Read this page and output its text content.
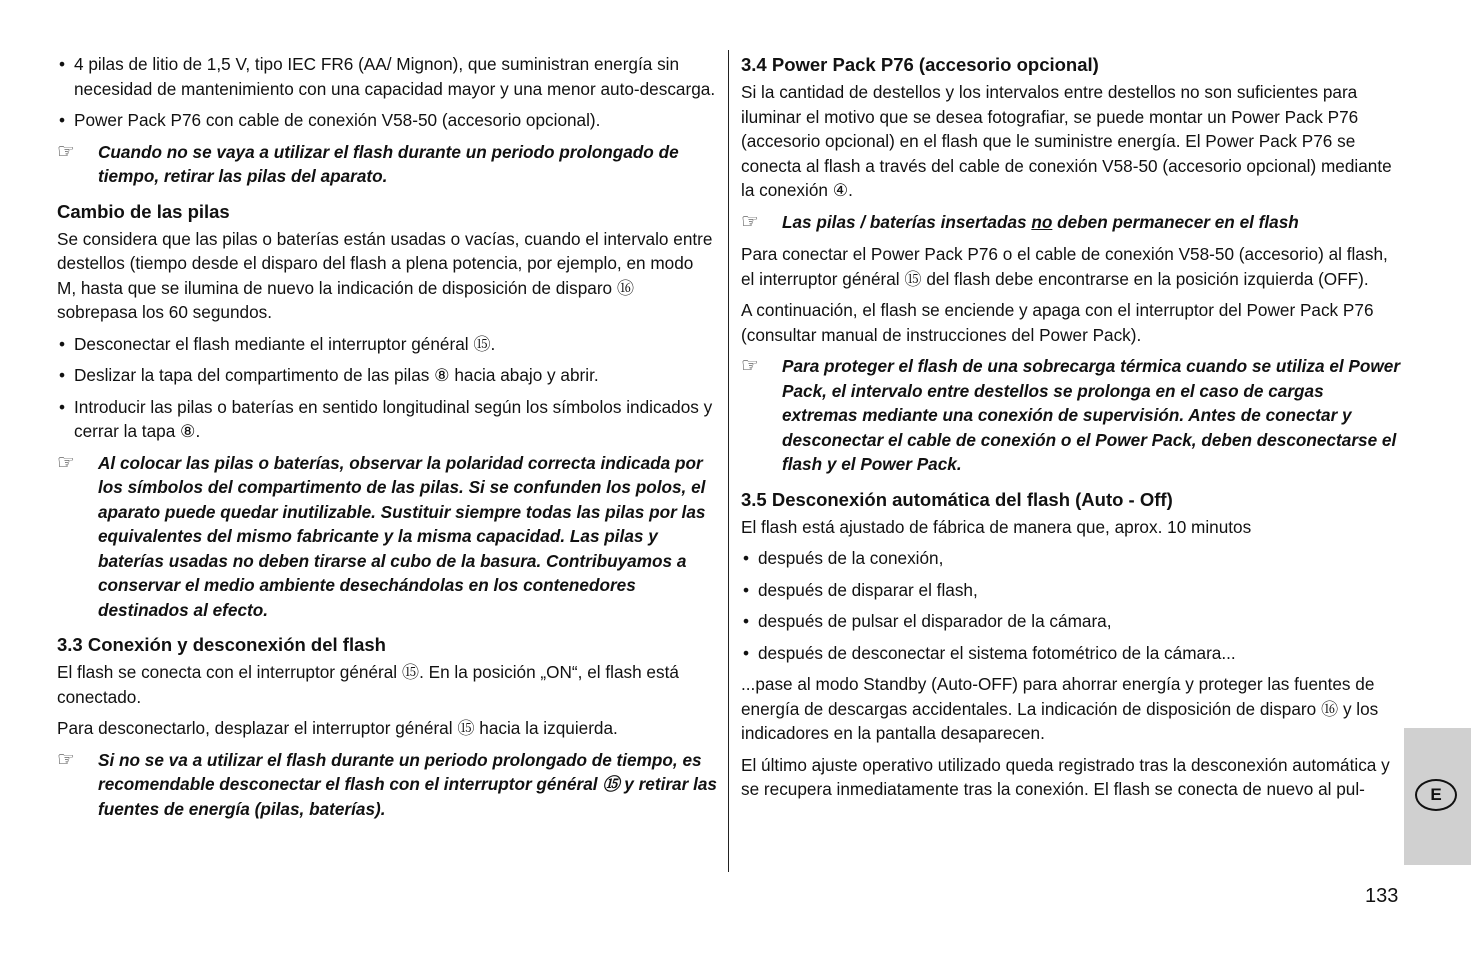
• 4 pilas de litio de 1,5 V, tipo IEC FR6 (AA/ Mignon), que suministran energía sin necesidad de mantenimiento con una capacidad mayor y una menor auto-descarga.
• Power Pack P76 con cable de conexión V58-50 (accesorio opcional).
☞ Cuando no se vaya a utilizar el flash durante un periodo prolongado de tiempo, retirar las pilas del aparato.
Cambio de las pilas

Se considera que las pilas o baterías están usadas o vacías, cuando el intervalo entre destellos (tiempo desde el disparo del flash a plena potencia, por ejemplo, en modo M, hasta que se ilumina de nuevo la indicación de disposición de disparo ⑯ sobrepasa los 60 segundos.

• Desconectar el flash mediante el interruptor général ⑮.
• Deslizar la tapa del compartimento de las pilas ⑧ hacia abajo y abrir.
• Introducir las pilas o baterías en sentido longitudinal según los símbolos indicados y cerrar la tapa ⑧.
☞ Al colocar las pilas o baterías, observar la polaridad correcta indicada por los símbolos del compartimento de las pilas. Si se confunden los polos, el aparato puede quedar inutilizable. Sustituir siempre todas las pilas por las equivalentes del mismo fabricante y la misma capacidad. Las pilas y baterías usadas no deben tirarse al cubo de la basura. Contribuyamos a conservar el medio ambiente desechándolas en los contenedores destinados al efecto.
3.3 Conexión y desconexión del flash

El flash se conecta con el interruptor général ⑮. En la posición „ON“, el flash está conectado.

Para desconectarlo, desplazar el interruptor général ⑮ hacia la izquierda.

☞ Si no se va a utilizar el flash durante un periodo prolongado de tiempo, es recomendable desconectar el flash con el interruptor général ⑮ y retirar las fuentes de energía (pilas, baterías).
3.4 Power Pack P76 (accesorio opcional)

Si la cantidad de destellos y los intervalos entre destellos no son suficientes para iluminar el motivo que se desea fotografiar, se puede montar un Power Pack P76 (accesorio opcional) en el flash que le suministre energía. El Power Pack P76 se conecta al flash a través del cable de conexión V58-50 (accesorio opcional) mediante la conexión ④.

☞ Las pilas / baterías insertadas no deben permanecer en el flash

Para conectar el Power Pack P76 o el cable de conexión V58-50 (accesorio) al flash, el interruptor général ⑮ del flash debe encontrarse en la posición izquierda (OFF).

A continuación, el flash se enciende y apaga con el interruptor del Power Pack P76 (consultar manual de instrucciones del Power Pack).

☞ Para proteger el flash de una sobrecarga térmica cuando se utiliza el Power Pack, el intervalo entre destellos se prolonga en el caso de cargas extremas mediante una conexión de supervisión. Antes de conectar y desconectar el cable de conexión o el Power Pack, deben desconectarse el flash y el Power Pack.
3.5 Desconexión automática del flash (Auto - Off)

El flash está ajustado de fábrica de manera que, aprox. 10 minutos

• después de la conexión,
• después de disparar el flash,
• después de pulsar el disparador de la cámara,
• después de desconectar el sistema fotométrico de la cámara...

...pase al modo Standby (Auto-OFF) para ahorrar energía y proteger las fuentes de energía de descargas accidentales. La indicación de disposición de disparo ⑯ y los indicadores en la pantalla desaparecen.

El último ajuste operativo utilizado queda registrado tras la desconexión automática y se recupera inmediatamente tras la conexión. El flash se conecta de nuevo al pul-	E
133
